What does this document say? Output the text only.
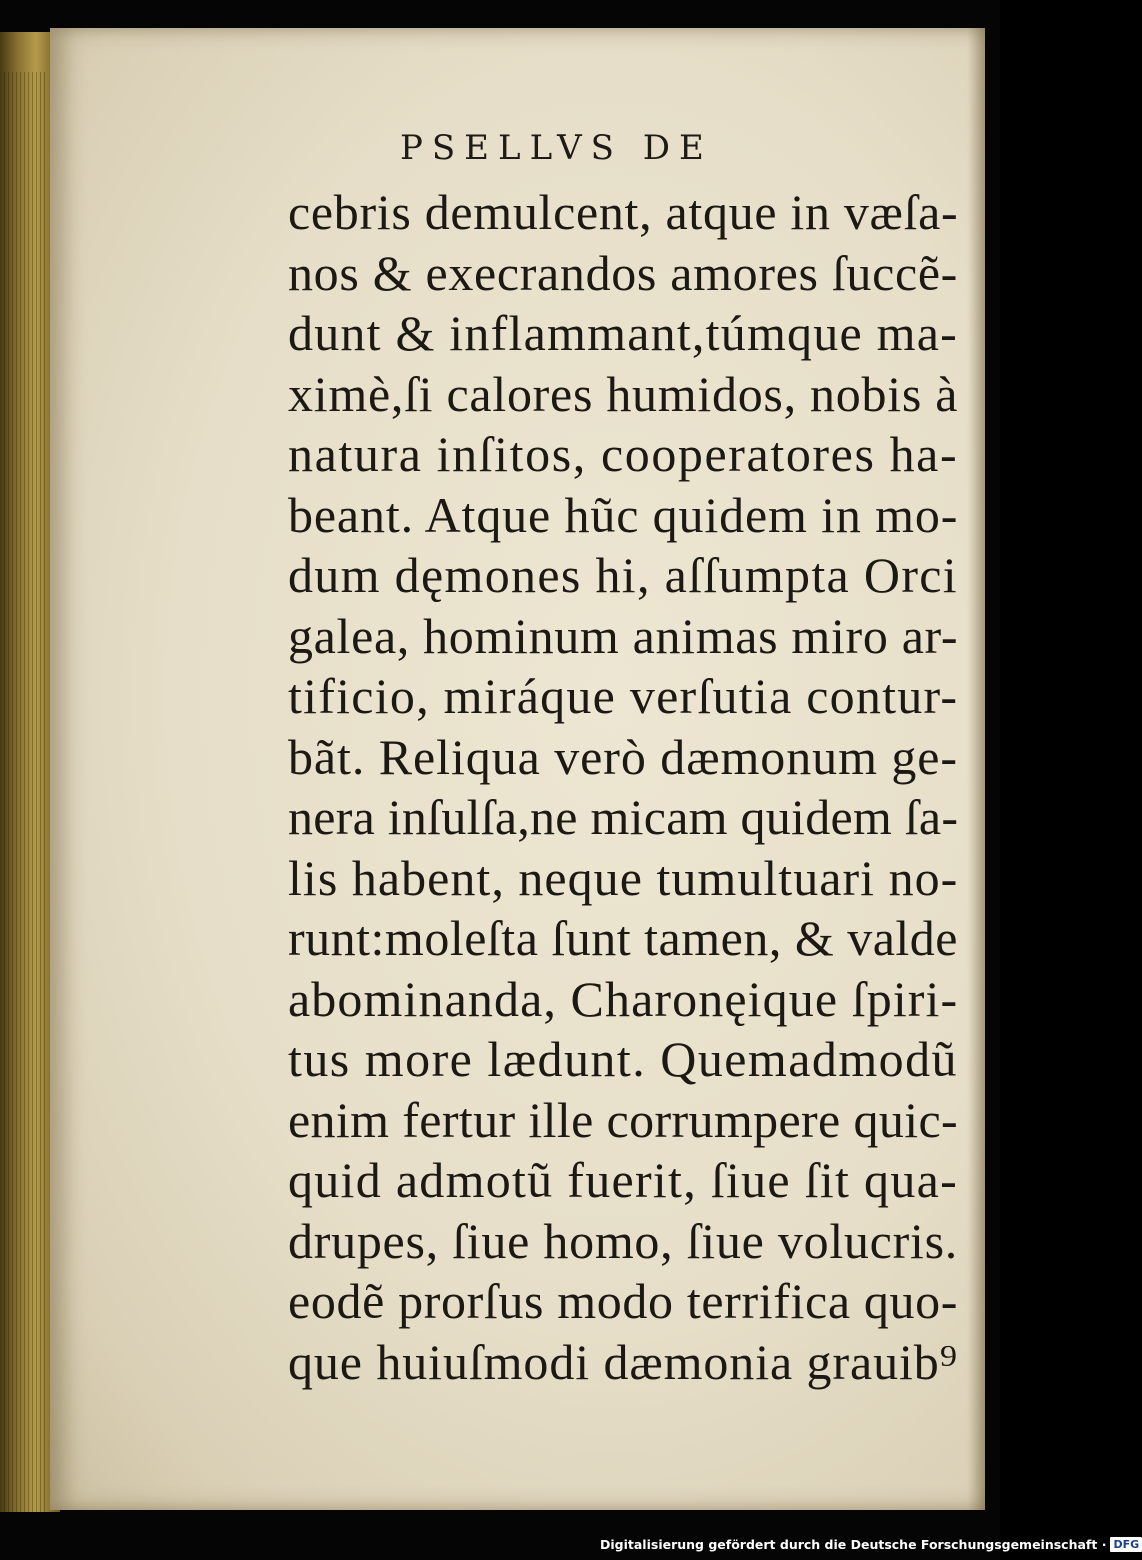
PSELLVS DE
cebris demulcent, atque in væſa-
nos & execrandos amores ſuccẽ-
dunt & inflammant,túmque ma-
ximè,ſi calores humidos, nobis à
natura inſitos, cooperatores ha-
beant. Atque hũc quidem in mo-
dum dęmones hi, aſſumpta Orci
galea, hominum animas miro ar-
tificio, miráque verſutia contur-
bãt. Reliqua verò dæmonum ge-
nera inſulſa,ne micam quidem ſa-
lis habent, neque tumultuari no-
runt:moleſta ſunt tamen, & valde
abominanda, Charonęique ſpiri-
tus more lædunt. Quemadmodũ
enim fertur ille corrumpere quic-
quid admotũ fuerit, ſiue ſit qua-
drupes, ſiue homo, ſiue volucris.
eodẽ prorſus modo terrifica quo-
que huiuſmodi dæmonia grauib⁹
Digitalisierung gefördert durch die Deutsche Forschungsgemeinschaft · DFG
